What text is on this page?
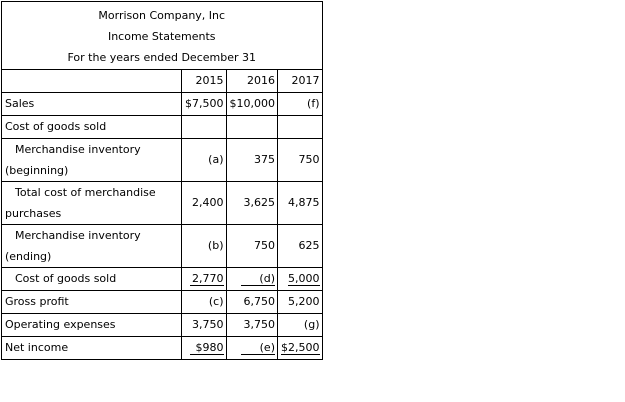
Morrison Company, Inc
Income Statements
For the years ended December 31			

	2015	2016	2017
Sales	$7,500	$10,000	(f)
Cost of goods sold			

Merchandise inventory
(beginning)	(a)	375	750

Total cost of merchandise
purchases	2,400	3,625	4,875

Merchandise inventory
(ending)	(b)	750	625
Cost of goods sold	2,770	(d)	5,000
Gross profit	(c)	6,750	5,200
Operating expenses	3,750	3,750	(g)
Net income	$980	(e)	$2,500
